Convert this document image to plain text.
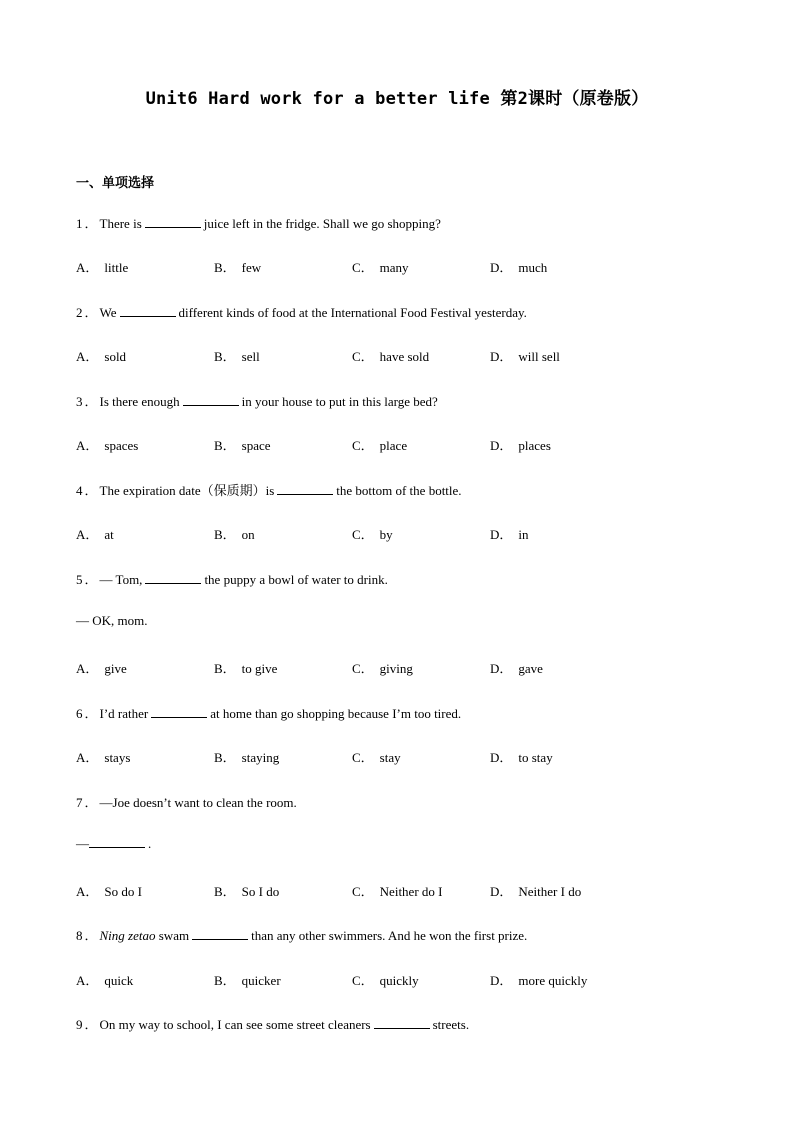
Unit6 Hard work for a better life 第2课时（原卷版）
一、单项选择
1．There is	juice left in the fridge. Shall we go shopping?
A． little	B． few	C． many	D． much
2．We	different kinds of food at the International Food Festival yesterday.
A． sold	B． sell	C． have sold	D． will sell
3．Is there enough	in your house to put in this large bed?
A． spaces	B． space	C． place	D． places
4．The expiration date（保质期）is	the bottom of the bottle.
A． at	B． on	C． by	D． in
5．— Tom,	the puppy a bowl of water to drink.
— OK, mom.
A． give	B． to give	C． giving	D． gave
6．I’d rather	at home than go shopping because I’m too tired.
A． stays	B． staying	C． stay	D． to stay
7．—Joe doesn’t want to clean the room.
—	.
A． So do I	B． So I do	C． Neither do I	D． Neither I do
8．Ning zetao swam	than any other swimmers. And he won the first prize.
A． quick	B． quicker	C． quickly	D． more quickly
9．On my way to school, I can see some street cleaners	streets.
